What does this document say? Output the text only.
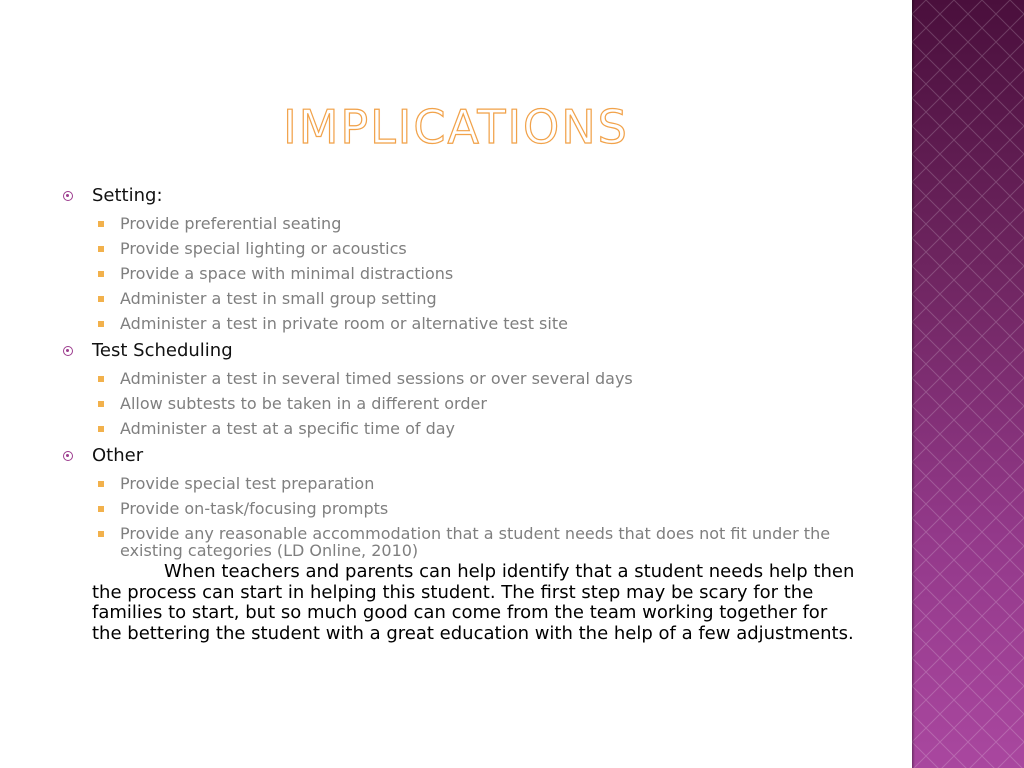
IMPLICATIONS
Setting:
Provide preferential seating
Provide special lighting or acoustics
Provide a space with minimal distractions
Administer a test in small group setting
Administer a test in private room or alternative test site
Test Scheduling
Administer a test in several timed sessions or over several days
Allow subtests to be taken in a different order
Administer a test at a specific time of day
Other
Provide special test preparation
Provide on-task/focusing prompts
Provide any reasonable accommodation that a student needs that does not fit under the existing categories (LD Online, 2010)

When teachers and parents can help identify that a student needs help then the process can start in helping this student. The first step may be scary for the families to start, but so much good can come from the team working together for the bettering the student with a great education with the help of a few adjustments.
